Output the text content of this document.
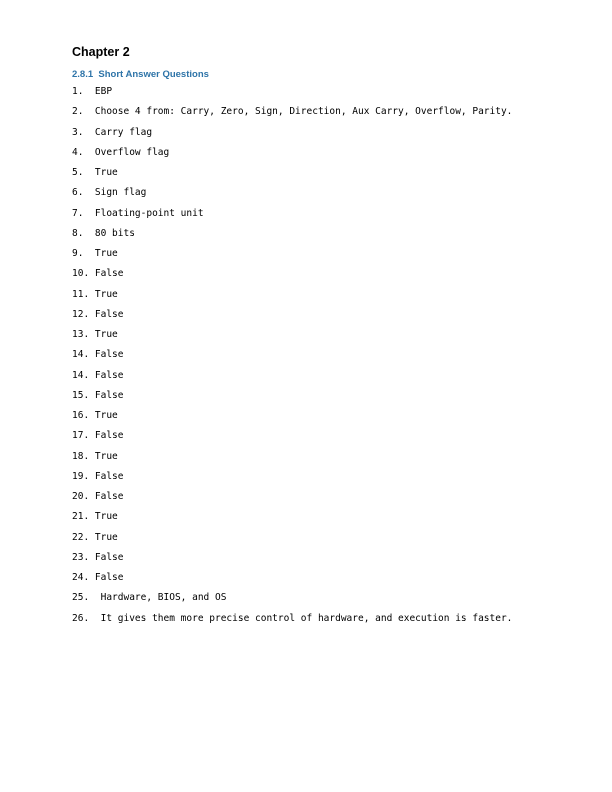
Chapter 2
2.8.1  Short Answer Questions
1.  EBP
2.  Choose 4 from: Carry, Zero, Sign, Direction, Aux Carry, Overflow, Parity.
3.  Carry flag
4.  Overflow flag
5.  True
6.  Sign flag
7.  Floating-point unit
8.  80 bits
9.  True
10. False
11. True
12. False
13. True
14. False
14. False
15. False
16. True
17. False
18. True
19. False
20. False
21. True
22. True
23. False
24. False
25.  Hardware, BIOS, and OS
26.  It gives them more precise control of hardware, and execution is faster.
